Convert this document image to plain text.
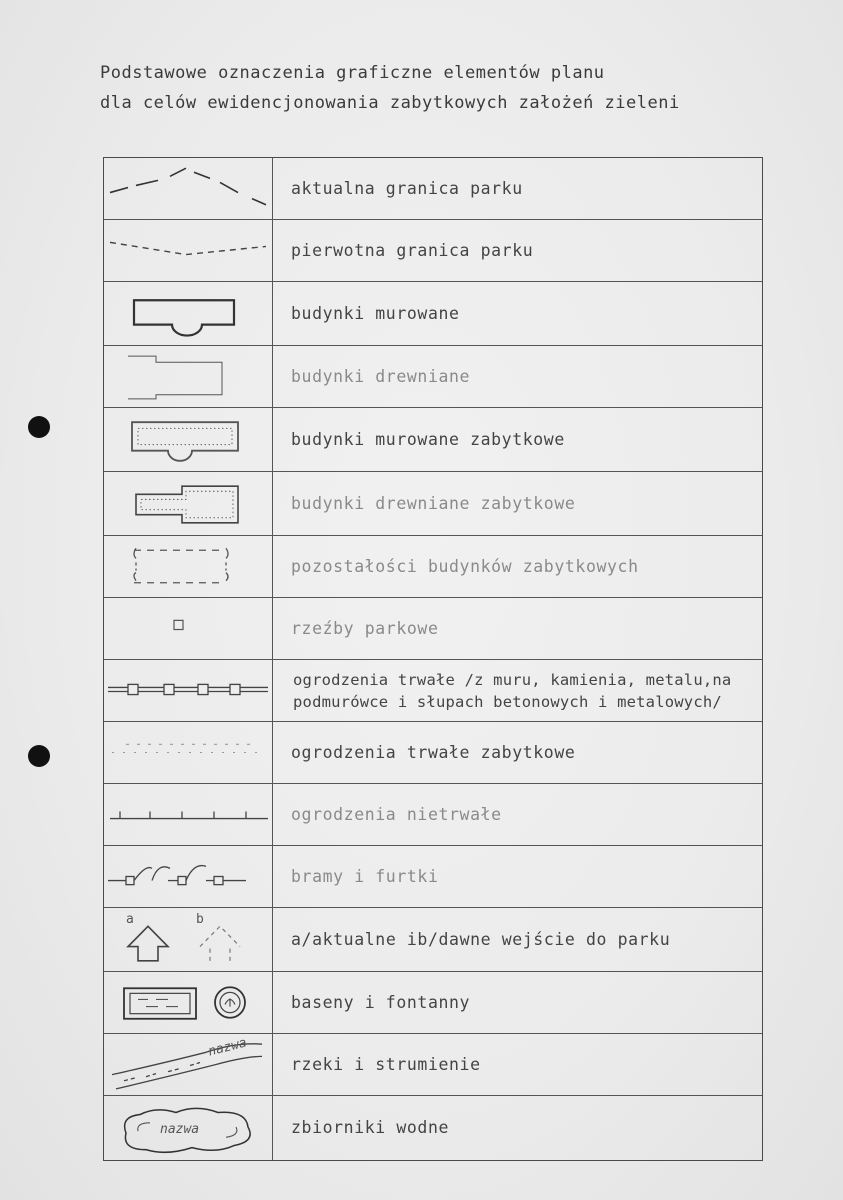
Podstawowe oznaczenia graficzne elementów planu
dla celów ewidencjonowania zabytkowych założeń zieleni
aktualna granica parku
pierwotna granica parku
budynki murowane
budynki drewniane
budynki murowane zabytkowe
budynki drewniane zabytkowe
pozostałości budynków zabytkowych
rzeźby parkowe
ogrodzenia trwałe /z muru, kamienia, metalu,na
podmurówce i słupach betonowych i metalowych/
ogrodzenia trwałe zabytkowe
ogrodzenia nietrwałe
bramy i furtki
a	b
a/ aktualne i b/ dawne wejście do parku
baseny i fontanny
nazwa
rzeki i strumienie
nazwa	zbiorniki wodne
